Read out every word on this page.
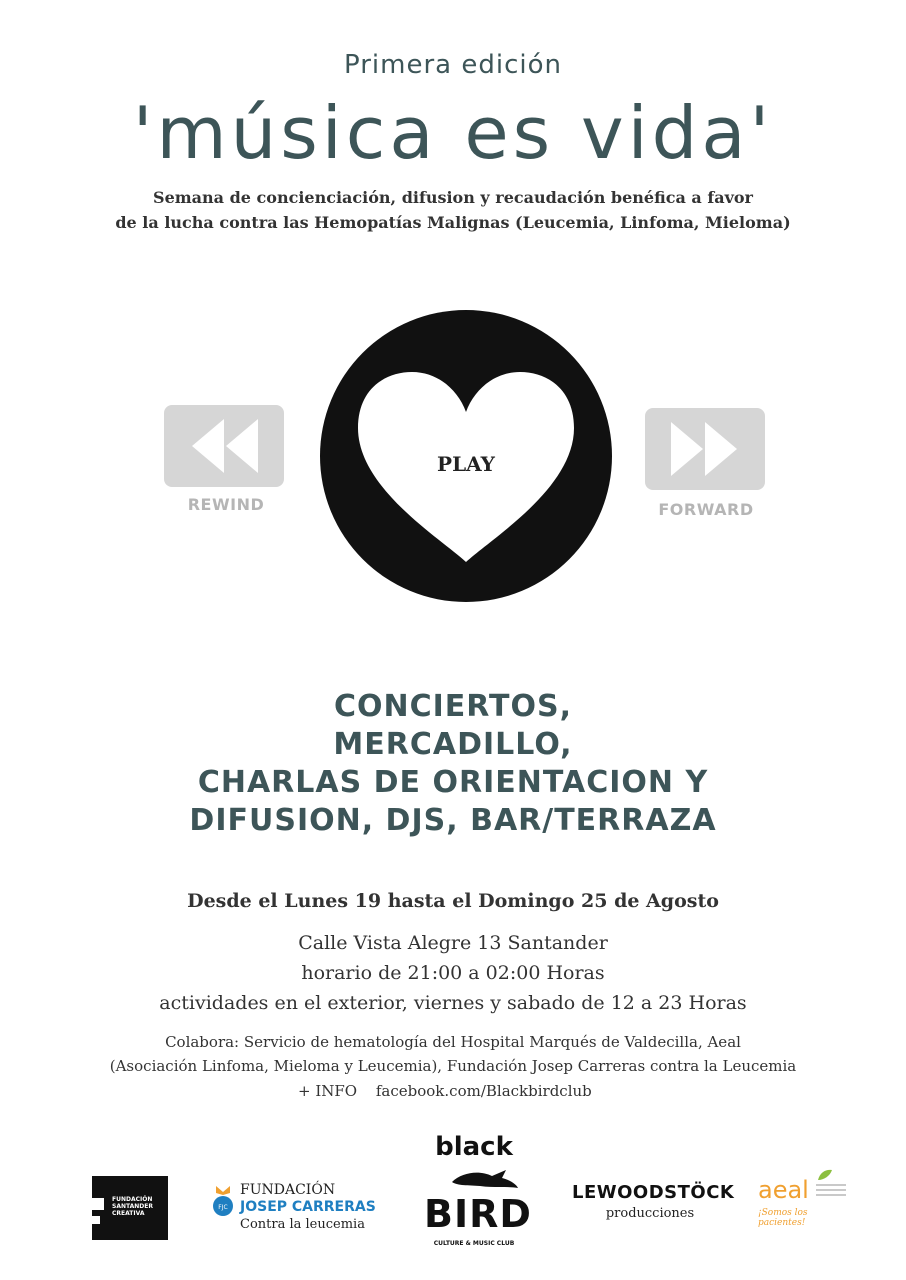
Primera edición
'música es vida'
Semana de concienciación, difusion y recaudación benéfica a favor
de la lucha contra las Hemopatías Malignas (Leucemia, Linfoma, Mieloma)
REWIND
PLAY
FORWARD
CONCIERTOS,
MERCADILLO,
CHARLAS DE ORIENTACION Y
DIFUSION, DJS, BAR/TERRAZA
Desde el Lunes 19 hasta el Domingo 25 de Agosto
Calle Vista Alegre 13 Santander
horario de 21:00 a 02:00 Horas
actividades en el exterior, viernes y sabado de 12 a 23 Horas
Colabora: Servicio de hematología del Hospital Marqués de Valdecilla, Aeal
(Asociación Linfoma, Mieloma y Leucemia), Fundación Josep Carreras contra la Leucemia
+ INFO facebook.com/Blackbirdclub
FUNDACIÓN
SANTANDER
CREATIVA
FJC
FUNDACIÓN
JOSEP CARRERAS
Contra la leucemia
black
BIRD
CULTURE & MUSIC CLUB
LEWOODSTÖCK
producciones
aeal
¡Somos los pacientes!
